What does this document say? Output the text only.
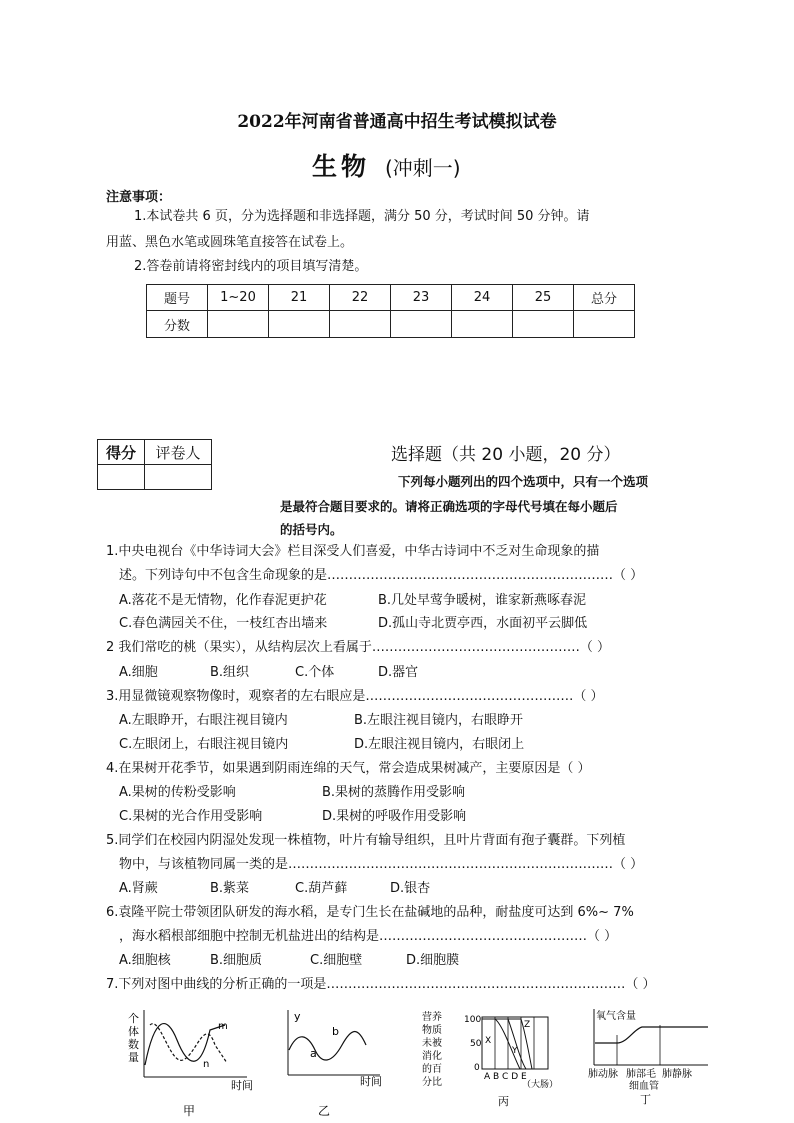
2022年河南省普通高中招生考试模拟试卷
生物 (冲刺一)
注意事项：
1.本试卷共 6 页，分为选择题和非选择题，满分 50 分，考试时间 50 分钟。请
用蓝、黑色水笔或圆珠笔直接答在试卷上。
2.答卷前请将密封线内的项目填写清楚。
题号	1~20	21	22	23	24	25	总分
分数							
得分	评卷人
		选择题（共 20 小题，20 分）
下列每小题列出的四个选项中，只有一个选项
是最符合题目要求的。请将正确选项的字母代号填在每小题后
的括号内。
1.中央电视台《中华诗词大会》栏目深受人们喜爱，中华古诗词中不乏对生命现象的描
述。下列诗句中不包含生命现象的是…………………………………………………………（ ）
A.落花不是无情物，化作春泥更护花	B.几处早莺争暖树，谁家新燕啄春泥
C.春色满园关不住，一枝红杏出墙来	D.孤山寺北贾亭西，水面初平云脚低
2 我们常吃的桃（果实），从结构层次上看属于…………………………………………（ ）
A.细胞	B.组织	C.个体	D.器官
3.用显微镜观察物像时，观察者的左右眼应是…………………………………………（ ）
A.左眼睁开，右眼注视目镜内	B.左眼注视目镜内，右眼睁开
C.左眼闭上，右眼注视目镜内	D.左眼注视目镜内，右眼闭上
4.在果树开花季节，如果遇到阴雨连绵的天气，常会造成果树减产，主要原因是（ ）
A.果树的传粉受影响	B.果树的蒸腾作用受影响
C.果树的光合作用受影响	D.果树的呼吸作用受影响
5.同学们在校园内阴湿处发现一株植物，叶片有输导组织，且叶片背面有孢子囊群。下列植
物中，与该植物同属一类的是…………………………………………………………………（ ）
A.肾蕨	B.紫菜	C.葫芦藓	D.银杏
6.袁隆平院士带领团队研发的海水稻，是专门生长在盐碱地的品种，耐盐度可达到 6%~ 7%
，海水稻根部细胞中控制无机盐进出的结构是…………………………………………（ ）
A.细胞核	B.细胞质	C.细胞壁	D.细胞膜
7.下列对图中曲线的分析正确的一项是……………………………………………………………（ ）
个
体
数
量
m
n
时间
甲
y
a
b
时间
乙
营养
物质
未被
消化
的百
分比
100
50
0
X
Y
Z
A B C D E
（大肠）
丙
氧气含量
肺动脉 肺部毛
细血管
肺静脉
丁
